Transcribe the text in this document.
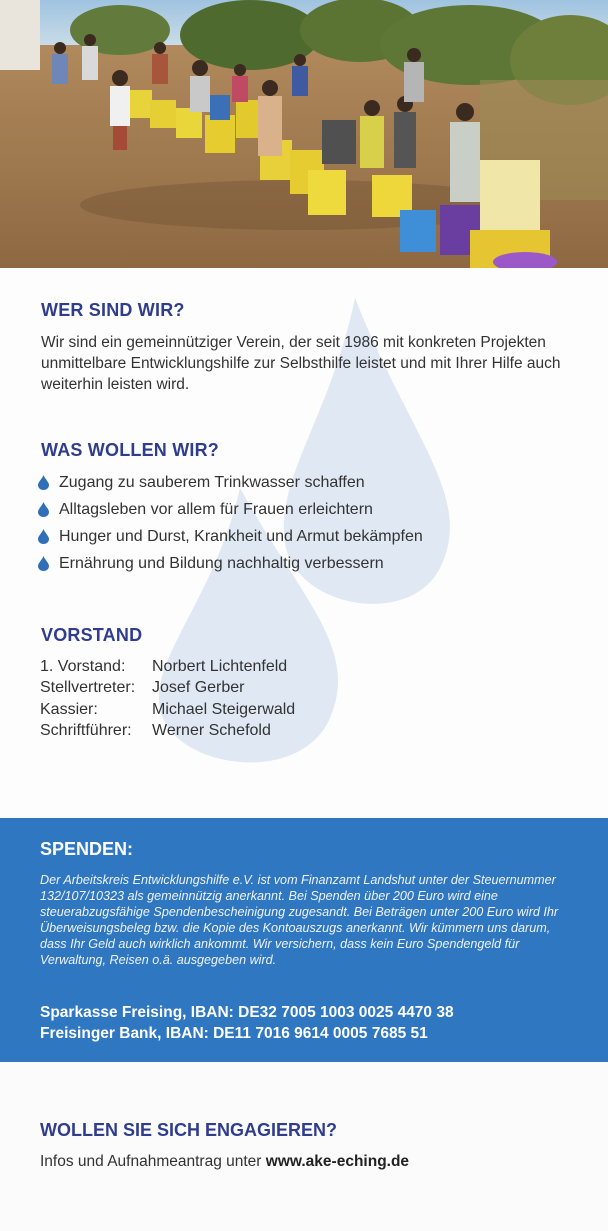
WER SIND WIR?
Wir sind ein gemeinnütziger Verein, der seit 1986 mit konkreten Projekten unmittelbare Entwicklungshilfe zur Selbsthilfe leistet und mit Ihrer Hilfe auch weiterhin leisten wird.
WAS WOLLEN WIR?
Zugang zu sauberem Trinkwasser schaffen
Alltagsleben vor allem für Frauen erleichtern
Hunger und Durst, Krankheit und Armut bekämpfen
Ernährung und Bildung nachhaltig verbessern
VORSTAND
1. Vorstand:	Norbert Lichtenfeld
Stellvertreter:	Josef Gerber
Kassier:	Michael Steigerwald
Schriftführer:	Werner Schefold
SPENDEN:
Der Arbeitskreis Entwicklungshilfe e.V. ist vom Finanzamt Landshut unter der Steuernummer 132/107/10323 als gemeinnützig anerkannt. Bei Spenden über 200 Euro wird eine steuerabzugsfähige Spendenbescheinigung zugesandt. Bei Beträgen unter 200 Euro wird Ihr Überweisungsbeleg bzw. die Kopie des Kontoauszugs anerkannt. Wir kümmern uns darum, dass Ihr Geld auch wirklich ankommt. Wir versichern, dass kein Euro Spendengeld für Verwaltung, Reisen o.ä. ausgegeben wird.
Sparkasse Freising, IBAN: DE32 7005 1003 0025 4470 38
Freisinger Bank, IBAN: DE11 7016 9614 0005 7685 51
WOLLEN SIE SICH ENGAGIEREN?
Infos und Aufnahmeantrag unter www.ake-eching.de
